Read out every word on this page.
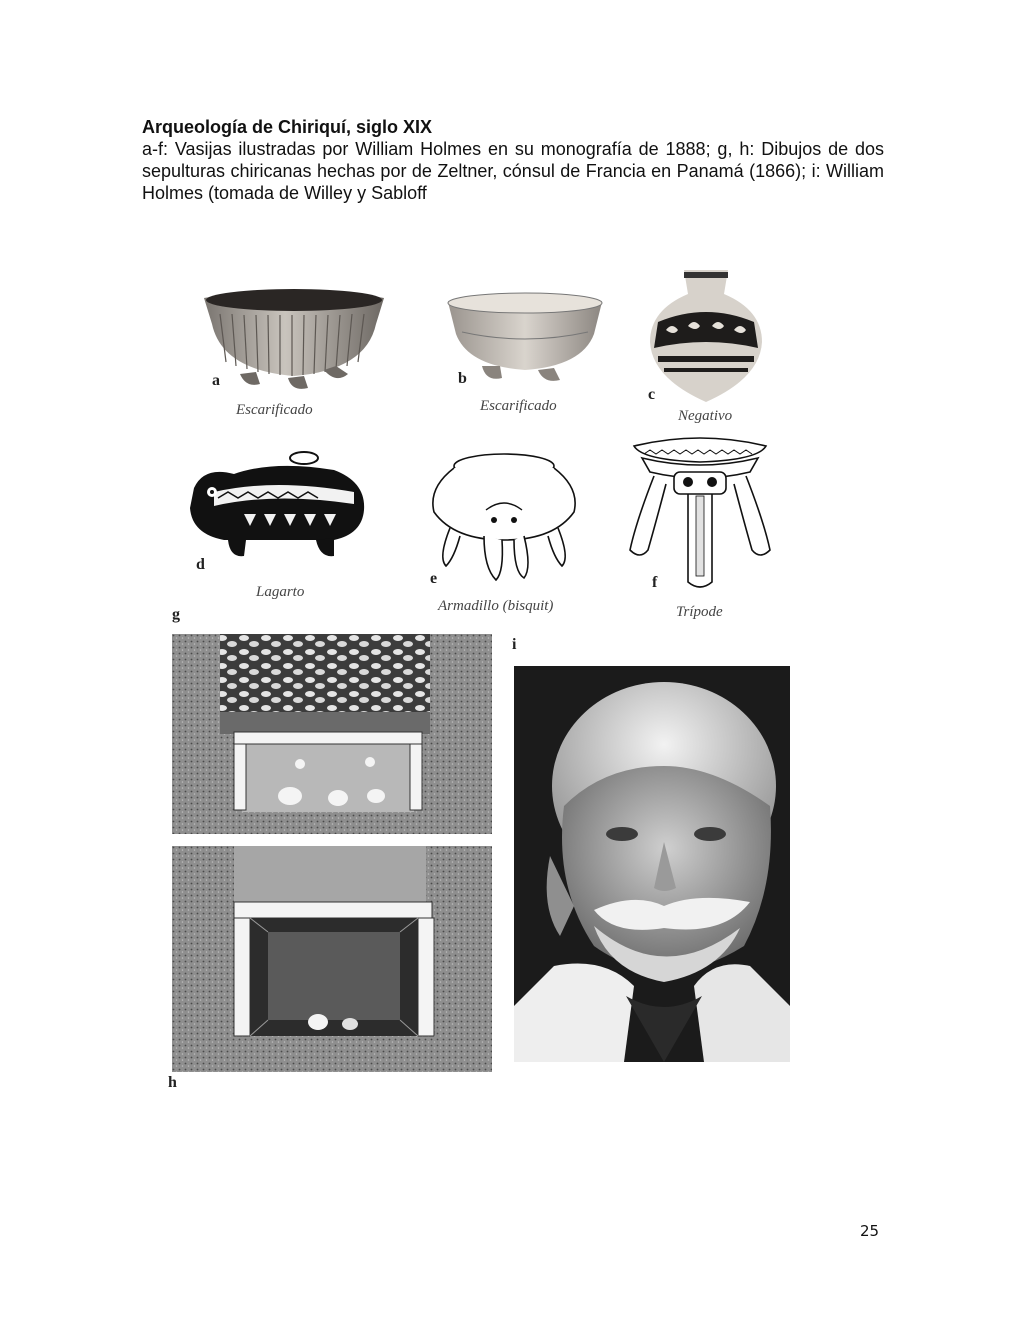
Arqueología de Chiriquí, siglo XIX

a-f: Vasijas ilustradas por William Holmes en su monografía de 1888; g, h: Dibujos de dos sepulturas chiricanas hechas por de Zeltner, cónsul de Francia en Panamá (1866); i: William Holmes (tomada de Willey y Sabloff

a
Escarificado
b
Escarificado
c
Negativo
d
Lagarto
e
Armadillo (bisquit)
f
Trípode
g
h
i
25
